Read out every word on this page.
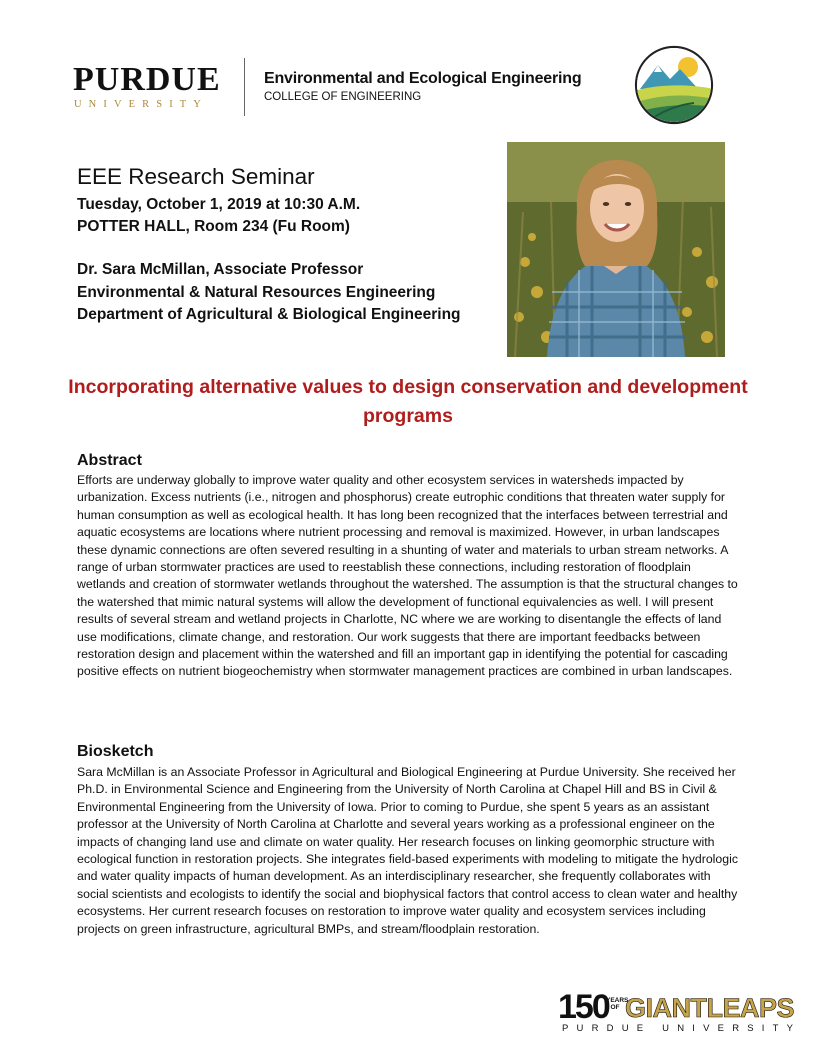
PURDUE
UNIVERSITY
Environmental and Ecological Engineering
COLLEGE OF ENGINEERING
EEE Research Seminar
Tuesday, October 1, 2019 at 10:30 A.M.
POTTER HALL, Room 234 (Fu Room)
Dr. Sara McMillan, Associate Professor
Environmental & Natural Resources Engineering
Department of Agricultural & Biological Engineering
Incorporating alternative values to design conservation and development programs
Abstract
Efforts are underway globally to improve water quality and other ecosystem services in watersheds impacted by urbanization. Excess nutrients (i.e., nitrogen and phosphorus) create eutrophic conditions that threaten water supply for human consumption as well as ecological health. It has long been recognized that the interfaces between terrestrial and aquatic ecosystems are locations where nutrient processing and removal is maximized. However, in urban landscapes these dynamic connections are often severed resulting in a shunting of water and materials to urban stream networks. A range of urban stormwater practices are used to reestablish these connections, including restoration of floodplain wetlands and creation of stormwater wetlands throughout the watershed. The assumption is that the structural changes to the watershed that mimic natural systems will allow the development of functional equivalencies as well. I will present results of several stream and wetland projects in Charlotte, NC where we are working to disentangle the effects of land use modifications, climate change, and restoration. Our work suggests that there are important feedbacks between restoration design and placement within the watershed and fill an important gap in identifying the potential for cascading positive effects on nutrient biogeochemistry when stormwater management practices are combined in urban landscapes.
Biosketch
Sara McMillan is an Associate Professor in Agricultural and Biological Engineering at Purdue University. She received her Ph.D. in Environmental Science and Engineering from the University of North Carolina at Chapel Hill and BS in Civil & Environmental Engineering from the University of Iowa. Prior to coming to Purdue, she spent 5 years as an assistant professor at the University of North Carolina at Charlotte and several years working as a professional engineer on the impacts of changing land use and climate on water quality. Her research focuses on linking geomorphic structure with ecological function in restoration projects. She integrates field-based experiments with modeling to mitigate the hydrologic and water quality impacts of human development. As an interdisciplinary researcher, she frequently collaborates with social scientists and ecologists to identify the social and biophysical factors that control access to clean water and healthy ecosystems. Her current research focuses on restoration to improve water quality and ecosystem services including projects on green infrastructure, agricultural BMPs, and stream/floodplain restoration.
150
YEARS
OF GIANTLEAPS
PURDUE UNIVERSITY
